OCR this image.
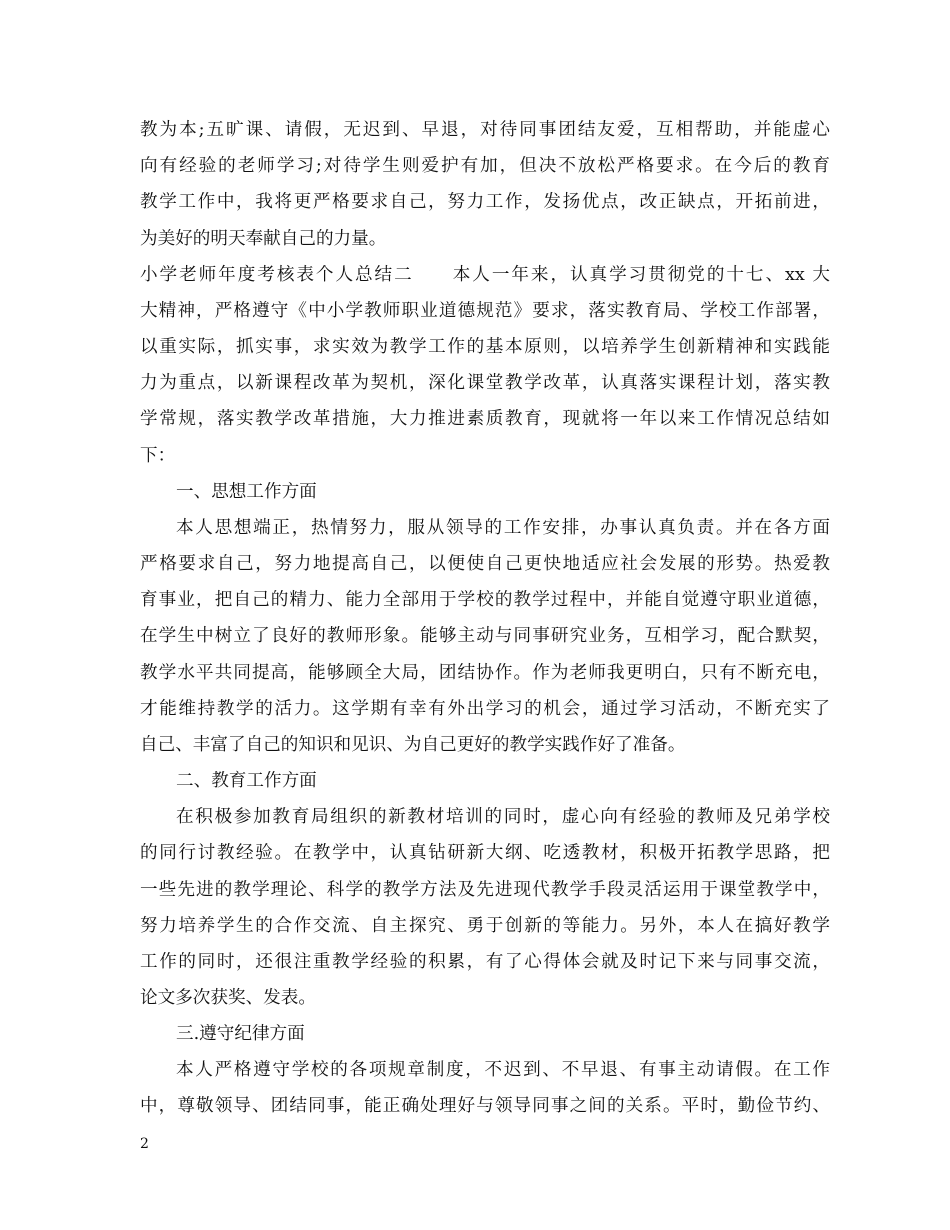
教为本;五旷课、请假，无迟到、早退，对待同事团结友爱，互相帮助，并能虚心
向有经验的老师学习;对待学生则爱护有加，但决不放松严格要求。在今后的教育
教学工作中，我将更严格要求自己，努力工作，发扬优点，改正缺点，开拓前进，
为美好的明天奉献自己的力量。
小学老师年度考核表个人总结二　　本人一年来，认真学习贯彻党的十七、xx 大
大精神，严格遵守《中小学教师职业道德规范》要求，落实教育局、学校工作部署，
以重实际，抓实事，求实效为教学工作的基本原则，以培养学生创新精神和实践能
力为重点，以新课程改革为契机，深化课堂教学改革，认真落实课程计划，落实教
学常规，落实教学改革措施，大力推进素质教育，现就将一年以来工作情况总结如
下：
一、思想工作方面
本人思想端正，热情努力，服从领导的工作安排，办事认真负责。并在各方面
严格要求自己，努力地提高自己，以便使自己更快地适应社会发展的形势。热爱教
育事业，把自己的精力、能力全部用于学校的教学过程中，并能自觉遵守职业道德，
在学生中树立了良好的教师形象。能够主动与同事研究业务，互相学习，配合默契，
教学水平共同提高，能够顾全大局，团结协作。作为老师我更明白，只有不断充电，
才能维持教学的活力。这学期有幸有外出学习的机会，通过学习活动，不断充实了
自己、丰富了自己的知识和见识、为自己更好的教学实践作好了准备。
二、教育工作方面
在积极参加教育局组织的新教材培训的同时，虚心向有经验的教师及兄弟学校
的同行讨教经验。在教学中，认真钻研新大纲、吃透教材，积极开拓教学思路，把
一些先进的教学理论、科学的教学方法及先进现代教学手段灵活运用于课堂教学中，
努力培养学生的合作交流、自主探究、勇于创新的等能力。另外，本人在搞好教学
工作的同时，还很注重教学经验的积累，有了心得体会就及时记下来与同事交流，
论文多次获奖、发表。
三.遵守纪律方面
本人严格遵守学校的各项规章制度，不迟到、不早退、有事主动请假。在工作
中，尊敬领导、团结同事，能正确处理好与领导同事之间的关系。平时，勤俭节约、
2
